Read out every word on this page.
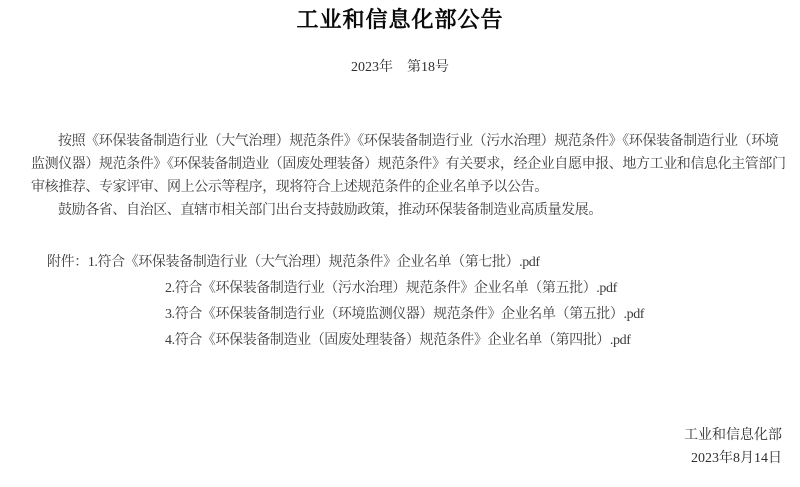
工业和信息化部公告
2023年　第18号
按照《环保装备制造行业（大气治理）规范条件》《环保装备制造行业（污水治理）规范条件》《环保装备制造行业（环境
监测仪器）规范条件》《环保装备制造业（固废处理装备）规范条件》有关要求，经企业自愿申报、地方工业和信息化主管部门
审核推荐、专家评审、网上公示等程序，现将符合上述规范条件的企业名单予以公告。
鼓励各省、自治区、直辖市相关部门出台支持鼓励政策，推动环保装备制造业高质量发展。
附件：1.符合《环保装备制造行业（大气治理）规范条件》企业名单（第七批）.pdf
2.符合《环保装备制造行业（污水治理）规范条件》企业名单（第五批）.pdf
3.符合《环保装备制造行业（环境监测仪器）规范条件》企业名单（第五批）.pdf
4.符合《环保装备制造业（固废处理装备）规范条件》企业名单（第四批）.pdf
工业和信息化部
2023年8月14日
